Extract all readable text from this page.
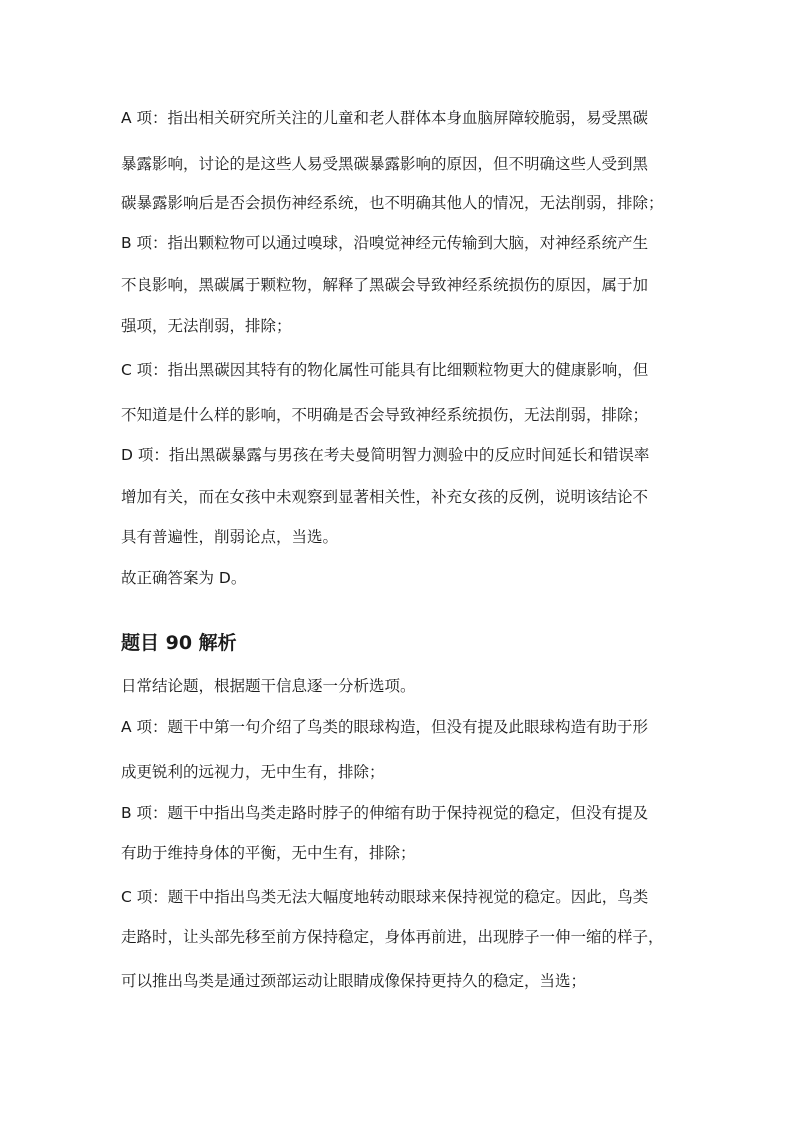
A 项：指出相关研究所关注的儿童和老人群体本身血脑屏障较脆弱，易受黑碳
暴露影响，讨论的是这些人易受黑碳暴露影响的原因，但不明确这些人受到黑
碳暴露影响后是否会损伤神经系统，也不明确其他人的情况，无法削弱，排除；
B 项：指出颗粒物可以通过嗅球，沿嗅觉神经元传输到大脑，对神经系统产生
不良影响，黑碳属于颗粒物，解释了黑碳会导致神经系统损伤的原因，属于加
强项，无法削弱，排除；
C 项：指出黑碳因其特有的物化属性可能具有比细颗粒物更大的健康影响，但
不知道是什么样的影响，不明确是否会导致神经系统损伤，无法削弱，排除；
D 项：指出黑碳暴露与男孩在考夫曼简明智力测验中的反应时间延长和错误率
增加有关，而在女孩中未观察到显著相关性，补充女孩的反例，说明该结论不
具有普遍性，削弱论点，当选。
故正确答案为 D。
题目 90 解析
日常结论题，根据题干信息逐一分析选项。
A 项：题干中第一句介绍了鸟类的眼球构造，但没有提及此眼球构造有助于形
成更锐利的远视力，无中生有，排除；
B 项：题干中指出鸟类走路时脖子的伸缩有助于保持视觉的稳定，但没有提及
有助于维持身体的平衡，无中生有，排除；
C 项：题干中指出鸟类无法大幅度地转动眼球来保持视觉的稳定。因此，鸟类
走路时，让头部先移至前方保持稳定，身体再前进，出现脖子一伸一缩的样子，
可以推出鸟类是通过颈部运动让眼睛成像保持更持久的稳定，当选；
